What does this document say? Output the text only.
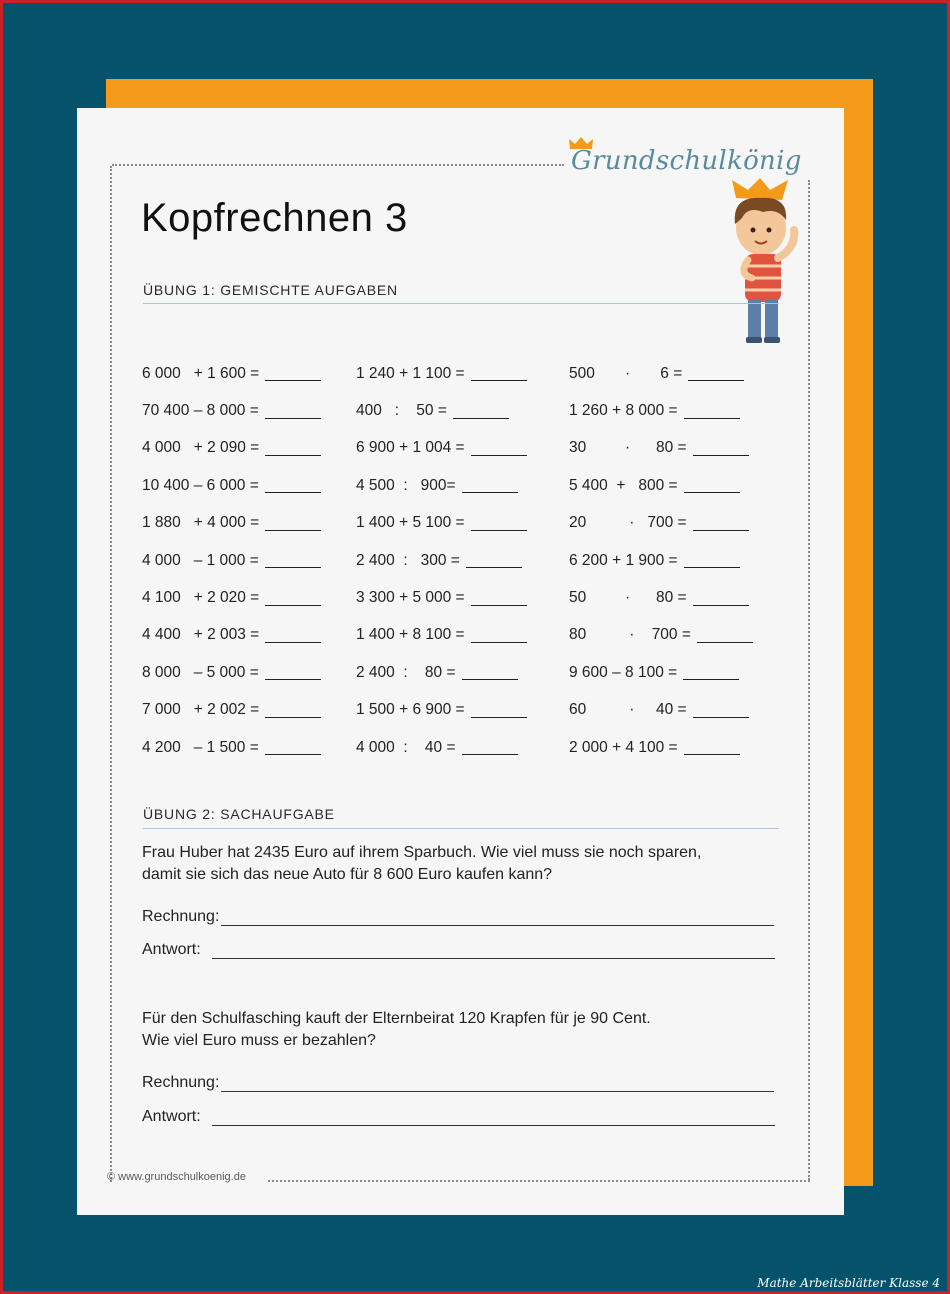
Grundschulkönig
Kopfrechnen 3
ÜBUNG 1: GEMISCHTE AUFGABEN
6 000   + 1 600 =
70 400 – 8 000 =
4 000   + 2 090 =
10 400 – 6 000 =
1 880   + 4 000 =
4 000   – 1 000 =
4 100   + 2 020 =
4 400   + 2 003 =
8 000   – 5 000 =
7 000   + 2 002 =
4 200   – 1 500 =
1 240 + 1 100 =
400   :    50 =
6 900 + 1 004 =
4 500  :   900=
1 400 + 5 100 =
2 400  :   300 =
3 300 + 5 000 =
1 400 + 8 100 =
2 400  :    80 =
1 500 + 6 900 =
4 000  :    40 =
500       ·       6 =
1 260 + 8 000 =
30         ·      80 =
5 400  +   800 =
20          ·   700 =
6 200 + 1 900 =
50         ·      80 =
80          ·    700 =
9 600 – 8 100 =
60          ·     40 =
2 000 + 4 100 =
ÜBUNG 2: SACHAUFGABE
Frau Huber hat 2435 Euro auf ihrem Sparbuch. Wie viel muss sie noch sparen,
damit sie sich das neue Auto für 8 600 Euro kaufen kann?
Rechnung:
Antwort:
Für den Schulfasching kauft der Elternbeirat 120 Krapfen für je 90 Cent.
Wie viel Euro muss er bezahlen?
Rechnung:
Antwort:
© www.grundschulkoenig.de
Mathe Arbeitsblätter Klasse 4
